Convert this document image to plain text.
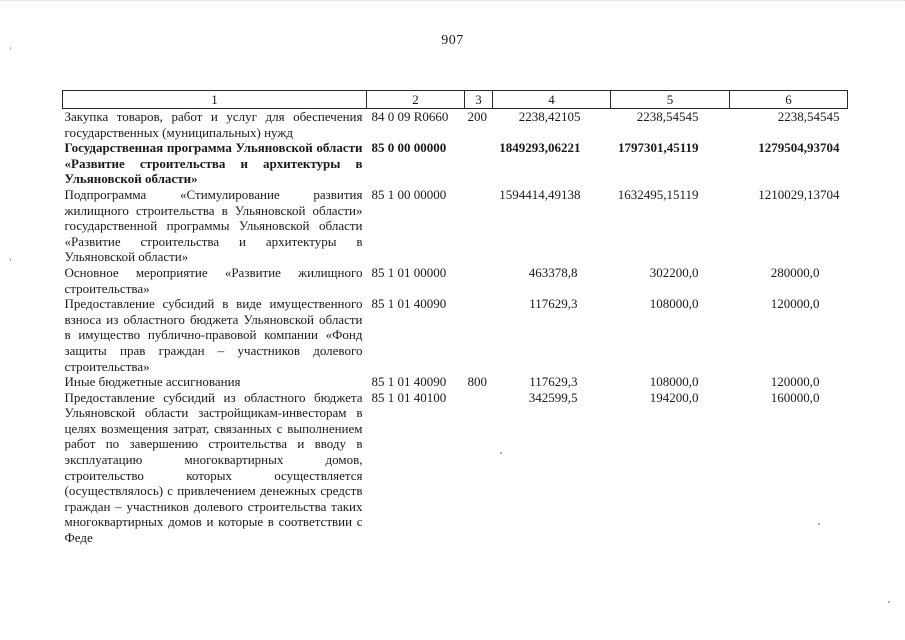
907
1	2	3	4	5	6
Закупка товаров, работ и услуг для обеспечения государственных (муниципальных) нужд	84 0 09 R0660	200	2238,42105	2238,54545	2238,54545
Государственная программа Ульяновской области «Развитие строительства и архитектуры в Ульяновской области»	85 0 00 00000		1849293,06221	1797301,45119	1279504,93704
Подпрограмма «Стимулирование развития жилищного строительства в Ульяновской области» государственной программы Ульяновской области «Развитие строительства и архитектуры в Ульяновской области»	85 1 00 00000		1594414,49138	1632495,15119	1210029,13704
Основное мероприятие «Развитие жилищного строительства»	85 1 01 00000		463378,8	302200,0	280000,0
Предоставление субсидий в виде имущественного взноса из областного бюджета Ульяновской области в имущество публично-правовой компании «Фонд защиты прав граждан – участников долевого строительства»	85 1 01 40090		117629,3	108000,0	120000,0
Иные бюджетные ассигнования	85 1 01 40090	800	117629,3	108000,0	120000,0
Предоставление субсидий из областного бюджета Ульяновской области застройщикам-инвесторам в целях возмещения затрат, связанных с выполнением работ по завершению строительства и вводу в эксплуатацию многоквартирных домов, строительство которых осуществляется (осуществлялось) с привлечением денежных средств граждан – участников долевого строительства таких многоквартирных домов и которые в соответствии с Феде	85 1 01 40100		342599,5	194200,0	160000,0
